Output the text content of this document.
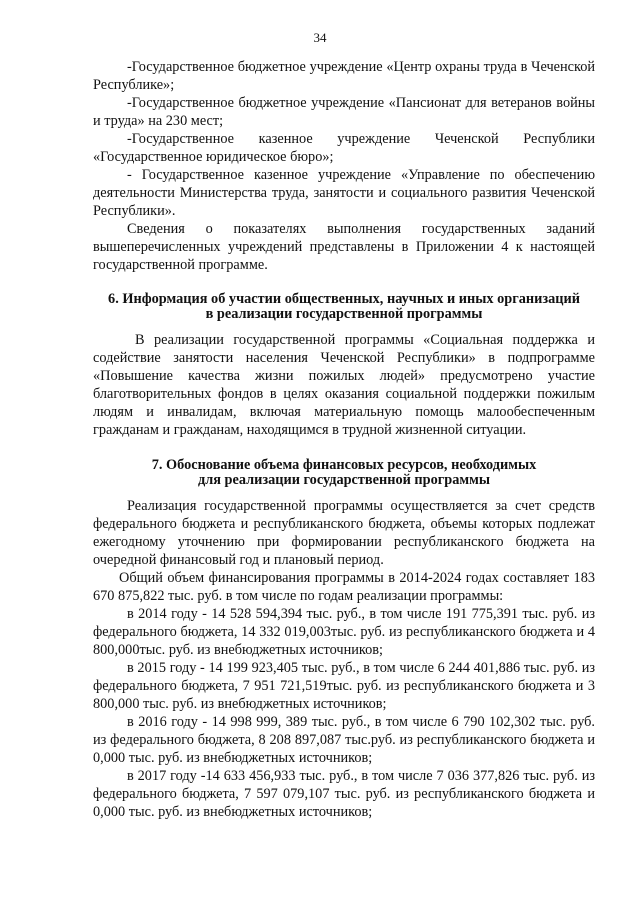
34

-Государственное бюджетное учреждение «Центр охраны труда в Чеченской Республике»;

-Государственное бюджетное учреждение «Пансионат для ветеранов войны и труда» на 230 мест;

-Государственное казенное учреждение Чеченской Республики «Государственное юридическое бюро»;

- Государственное казенное учреждение «Управление по обеспечению деятельности Министерства труда, занятости и социального развития Чеченской Республики».

Сведения о показателях выполнения государственных заданий вышеперечисленных учреждений представлены в Приложении 4 к настоящей государственной программе.

6. Информация об участии общественных, научных и иных организаций

в реализации государственной программы

В реализации государственной программы «Социальная поддержка и содействие занятости населения Чеченской Республики» в подпрограмме «Повышение качества жизни пожилых людей» предусмотрено участие благотворительных фондов в целях оказания социальной поддержки пожилым людям и инвалидам, включая материальную помощь малообеспеченным гражданам и гражданам, находящимся в трудной жизненной ситуации.

7. Обоснование объема финансовых ресурсов, необходимых

для реализации государственной программы

Реализация государственной программы осуществляется за счет средств федерального бюджета и республиканского бюджета, объемы которых подлежат ежегодному уточнению при формировании республиканского бюджета на очередной финансовый год и плановый период.

Общий объем финансирования программы в 2014-2024 годах составляет 183 670 875,822 тыс. руб. в том числе по годам реализации программы:

в 2014 году - 14 528 594,394 тыс. руб., в том числе 191 775,391 тыс. руб. из федерального бюджета, 14 332 019,003тыс. руб. из республиканского бюджета и 4 800,000тыс. руб. из внебюджетных источников;

в 2015 году - 14 199 923,405 тыс. руб., в том числе 6 244 401,886 тыс. руб. из федерального бюджета, 7 951 721,519тыс. руб. из республиканского бюджета и 3 800,000 тыс. руб. из внебюджетных источников;

в 2016 году - 14 998 999, 389 тыс. руб., в том числе 6 790 102,302 тыс. руб. из федерального бюджета, 8 208 897,087 тыс.руб. из республиканского бюджета и 0,000 тыс. руб. из внебюджетных источников;

в 2017 году -14 633 456,933 тыс. руб., в том числе 7 036 377,826 тыс. руб. из федерального бюджета, 7 597 079,107 тыс. руб. из республиканского бюджета и 0,000 тыс. руб. из внебюджетных источников;
